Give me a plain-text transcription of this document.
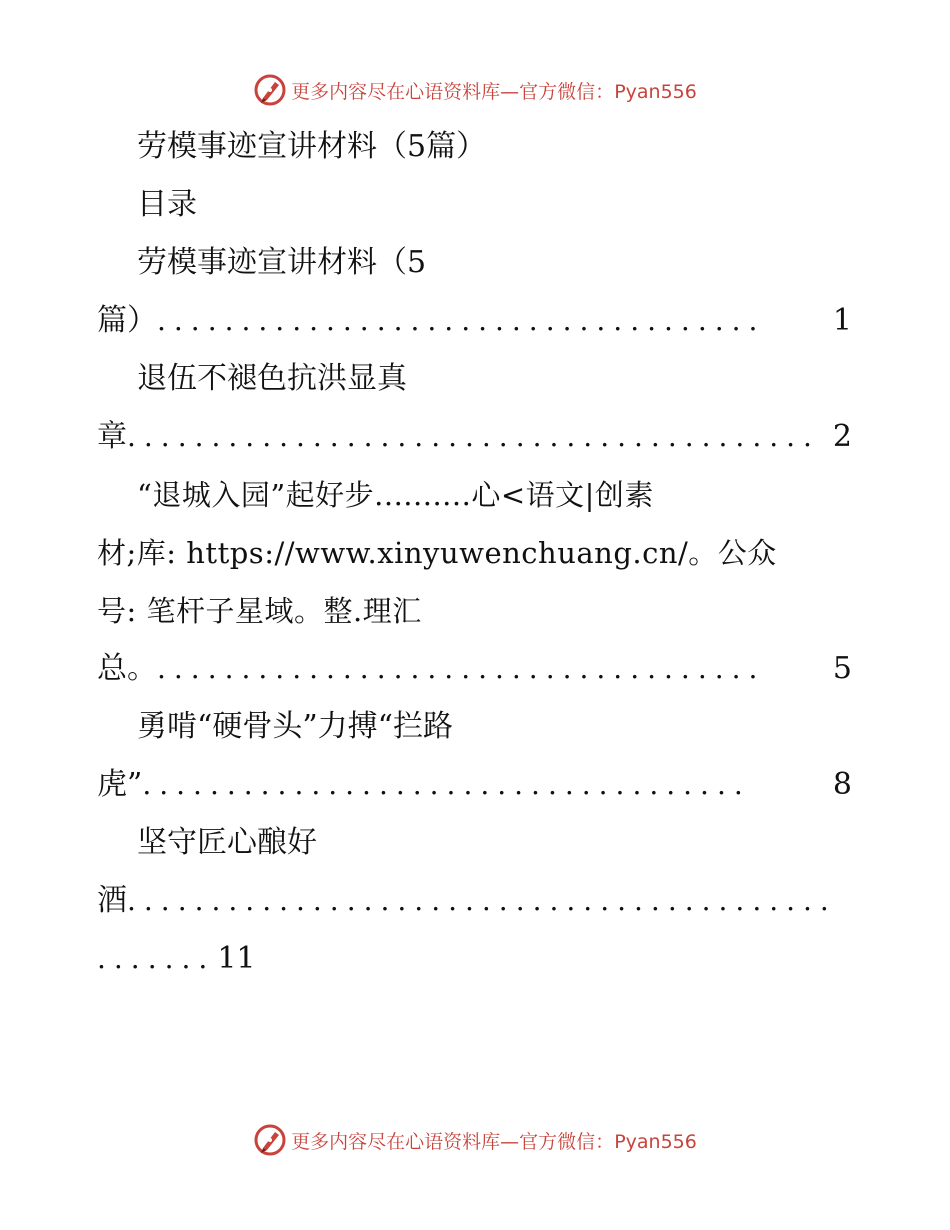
更多内容尽在心语资料库—官方微信：Pyan556
劳模事迹宣讲材料（5篇）
目录
劳模事迹宣讲材料（5
篇） ....................................	1
退伍不褪色抗洪显真
章 ......................................... 2
“退城入园”起好步..........心<语文|创素
材;库: https://www.xinyuwenchuang.cn/。公众
号: 笔杆子星域。整.理汇
总。 ....................................	5
勇啃“硬骨头”力搏“拦路
虎” ....................................	8
坚守匠心酿好
酒 ..........................................
....... 11
更多内容尽在心语资料库—官方微信：Pyan556
